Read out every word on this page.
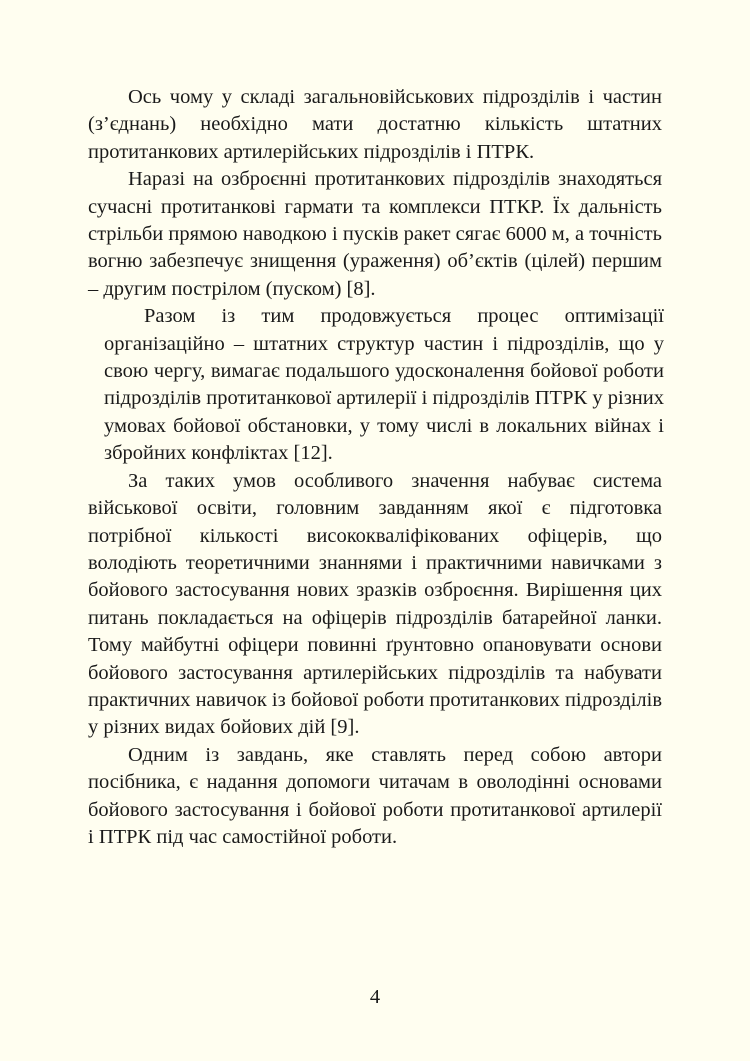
Ось чому у складі загальновійськових підрозділів і частин (з’єднань) необхідно мати достатню кількість штатних протитанкових артилерійських підрозділів і ПТРК.

Наразі на озброєнні протитанкових підрозділів знаходяться сучасні протитанкові гармати та комплекси ПТКР. Їх дальність стрільби прямою наводкою і пусків ракет сягає 6000 м, а точність вогню забезпечує знищення (ураження) об’єктів (цілей) першим – другим пострілом (пуском) [8].

Разом із тим продовжується процес оптимізації організаційно – штатних структур частин і підрозділів, що у свою чергу, вимагає подальшого удосконалення бойової роботи підрозділів протитанкової артилерії і підрозділів ПТРК у різних умовах бойової обстановки, у тому числі в локальних війнах і збройних конфліктах [12].

За таких умов особливого значення набуває система військової освіти, головним завданням якої є підготовка потрібної кількості висококваліфікованих офіцерів, що володіють теоретичними знаннями і практичними навичками з бойового застосування нових зразків озброєння. Вирішення цих питань покладається на офіцерів підрозділів батарейної ланки. Тому майбутні офіцери повинні ґрунтовно опановувати основи бойового застосування артилерійських підрозділів та набувати практичних навичок із бойової роботи протитанкових підрозділів у різних видах бойових дій [9].

Одним із завдань, яке ставлять перед собою автори посібника, є надання допомоги читачам в оволодінні основами бойового застосування і бойової роботи протитанкової артилерії і ПТРК під час самостійної роботи.

4
